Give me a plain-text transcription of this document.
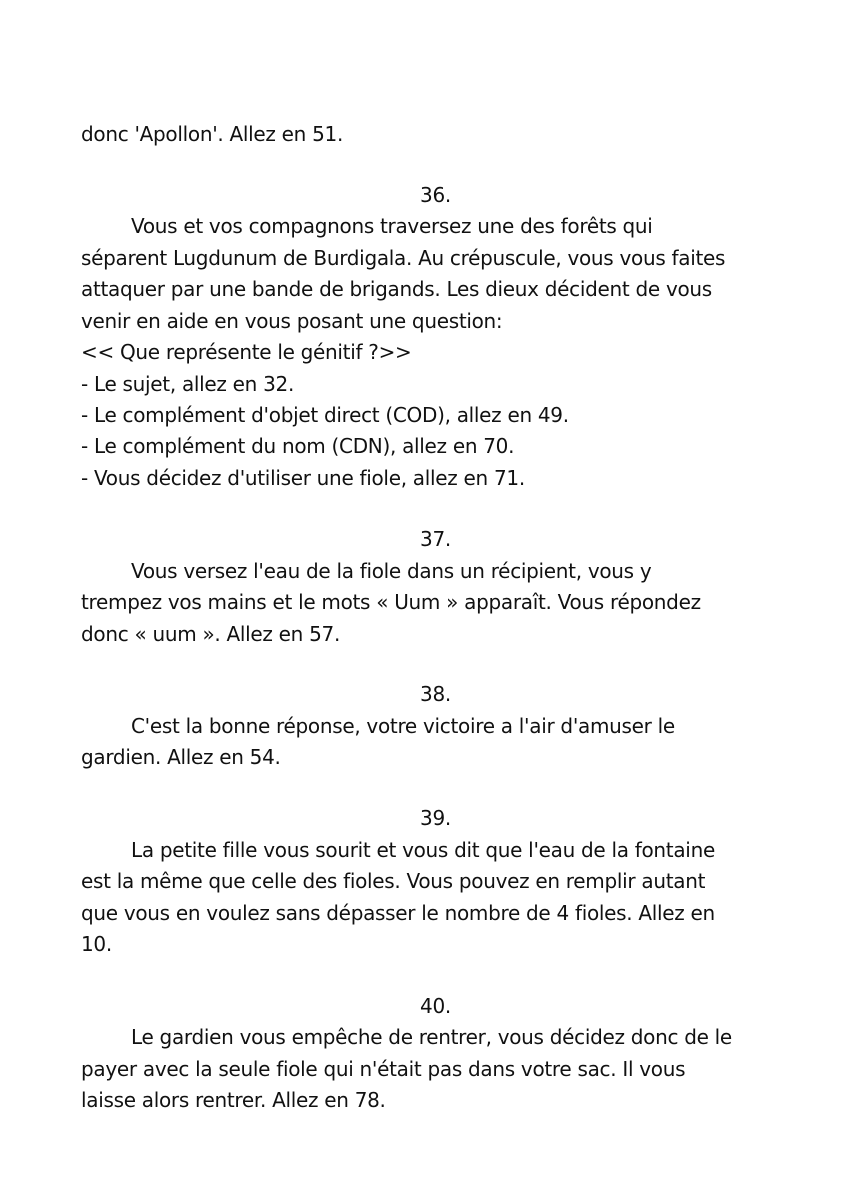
donc 'Apollon'. Allez en 51.
36.
Vous et vos compagnons traversez une des forêts qui
séparent Lugdunum de Burdigala. Au crépuscule, vous vous faites
attaquer par une bande de brigands. Les dieux décident de vous
venir en aide en vous posant une question:
<< Que représente le génitif ?>>
- Le sujet, allez en 32.
- Le complément d'objet direct (COD), allez en 49.
- Le complément du nom (CDN), allez en 70.
- Vous décidez d'utiliser une fiole, allez en 71.
37.
Vous versez l'eau de la fiole dans un récipient, vous y
trempez vos mains et le mots « Uum » apparaît. Vous répondez
donc « uum ». Allez en 57.
38.
C'est la bonne réponse, votre victoire a l'air d'amuser le
gardien. Allez en 54.
39.
La petite fille vous sourit et vous dit que l'eau de la fontaine
est la même que celle des fioles. Vous pouvez en remplir autant
que vous en voulez sans dépasser le nombre de 4 fioles. Allez en
10.
40.
Le gardien vous empêche de rentrer, vous décidez donc de le
payer avec la seule fiole qui n'était pas dans votre sac. Il vous
laisse alors rentrer. Allez en 78.
